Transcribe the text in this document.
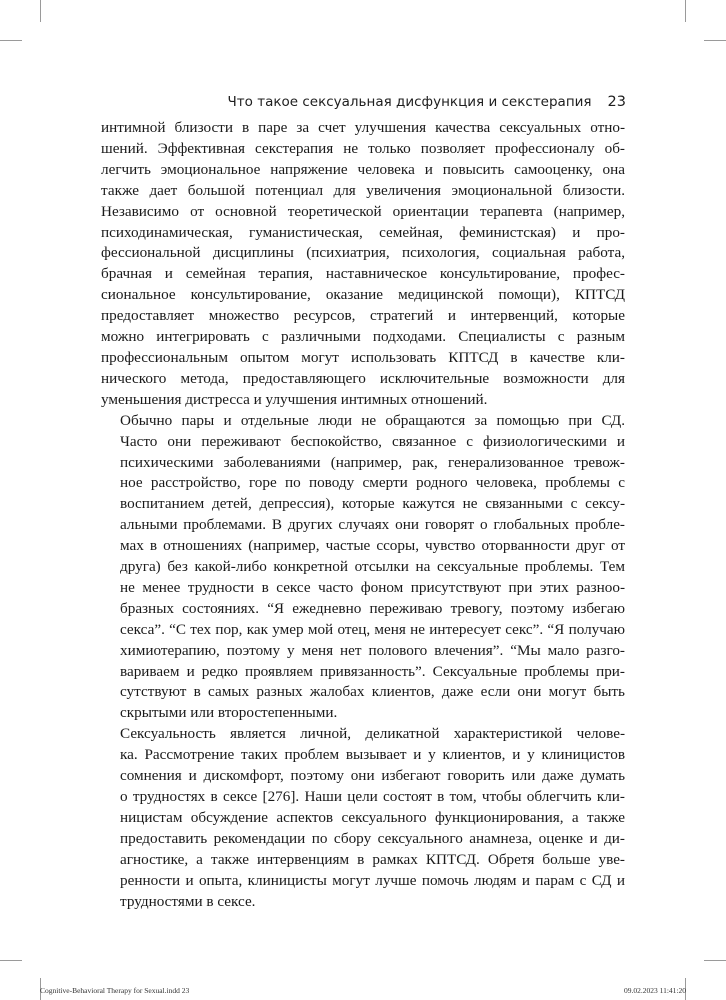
Что такое сексуальная дисфункция и секстерапия 23

интимной близости в паре за счет улучшения качества сексуальных отно-
шений. Эффективная секстерапия не только позволяет профессионалу об-
легчить эмоциональное напряжение человека и повысить самооценку, она
также дает большой потенциал для увеличения эмоциональной близости.
Независимо от основной теоретической ориентации терапевта (например,
психодинамическая, гуманистическая, семейная, феминистская) и про-
фессиональной дисциплины (психиатрия, психология, социальная работа,
брачная и семейная терапия, наставническое консультирование, профес-
сиональное консультирование, оказание медицинской помощи), КПТСД
предоставляет множество ресурсов, стратегий и интервенций, которые
можно интегрировать с различными подходами. Специалисты с разным
профессиональным опытом могут использовать КПТСД в качестве кли-
нического метода, предоставляющего исключительные возможности для
уменьшения дистресса и улучшения интимных отношений.

Обычно пары и отдельные люди не обращаются за помощью при СД.
Часто они переживают беспокойство, связанное с физиологическими и
психическими заболеваниями (например, рак, генерализованное тревож-
ное расстройство, горе по поводу смерти родного человека, проблемы с
воспитанием детей, депрессия), которые кажутся не связанными с сексу-
альными проблемами. В других случаях они говорят о глобальных пробле-
мах в отношениях (например, частые ссоры, чувство оторванности друг от
друга) без какой-либо конкретной отсылки на сексуальные проблемы. Тем
не менее трудности в сексе часто фоном присутствуют при этих разноо-
бразных состояниях. “Я ежедневно переживаю тревогу, поэтому избегаю
секса”. “С тех пор, как умер мой отец, меня не интересует секс”. “Я получаю
химиотерапию, поэтому у меня нет полового влечения”. “Мы мало разго-
вариваем и редко проявляем привязанность”. Сексуальные проблемы при-
сутствуют в самых разных жалобах клиентов, даже если они могут быть
скрытыми или второстепенными.

Сексуальность является личной, деликатной характеристикой челове-
ка. Рассмотрение таких проблем вызывает и у клиентов, и у клиницистов
сомнения и дискомфорт, поэтому они избегают говорить или даже думать
о трудностях в сексе [276]. Наши цели состоят в том, чтобы облегчить кли-
ницистам обсуждение аспектов сексуального функционирования, а также
предоставить рекомендации по сбору сексуального анамнеза, оценке и ди-
агностике, а также интервенциям в рамках КПТСД. Обретя больше уве-
ренности и опыта, клиницисты могут лучше помочь людям и парам с СД и
трудностями в сексе.

Cognitive-Behavioral Therapy for Sexual.indd 23	09.02.2023 11:41:20
